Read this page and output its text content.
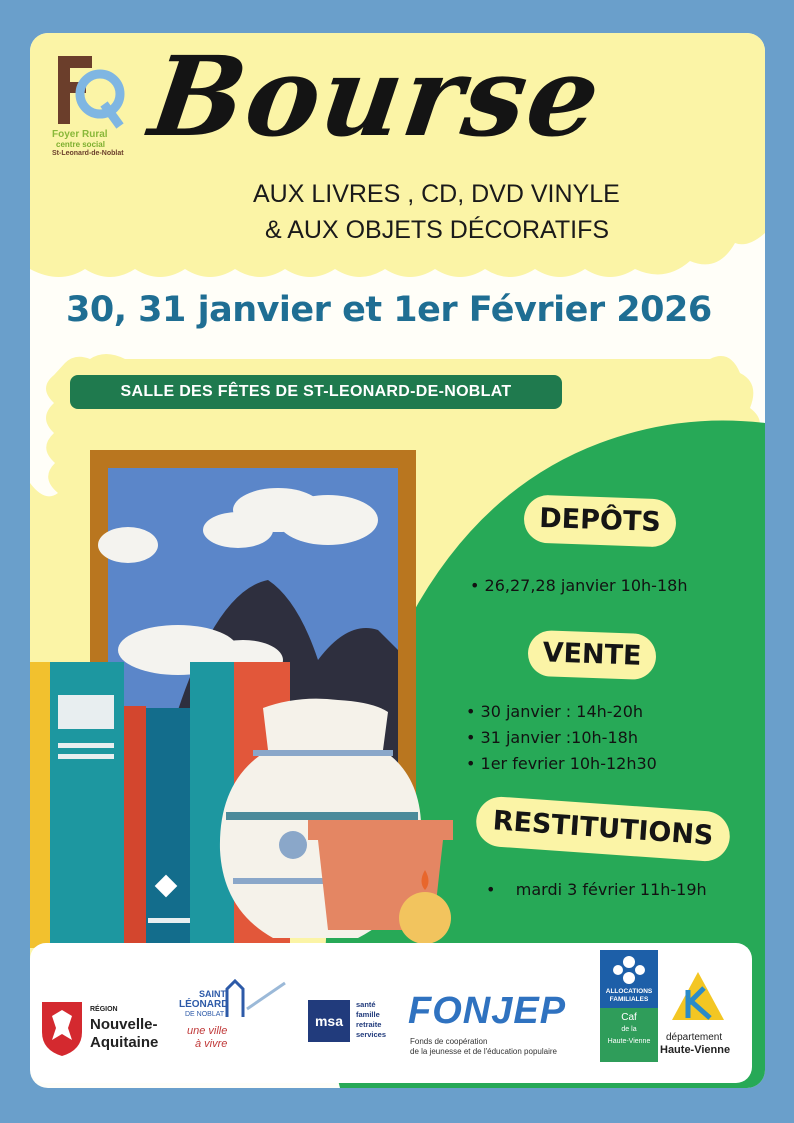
Foyer Rural
centre social
St-Leonard-de-Noblat Bourse
AUX LIVRES , CD, DVD VINYLE
& AUX OBJETS DÉCORATIFS
30, 31 janvier et 1er Février 2026
SALLE DES FÊTES DE ST-LEONARD-DE-NOBLAT
DEPÔTS
• 26,27,28 janvier 10h-18h
VENTE
• 30 janvier : 14h-20h
• 31 janvier :10h-18h
• 1er fevrier 10h-12h30
RESTITUTIONS
•    mardi 3 février 11h-19h
RÉGION
Nouvelle-
Aquitaine
SAINT
LÉONARD
DE NOBLAT
une ville
à vivre
msa
santé
famille
retraite
services
FONJEP
Fonds de coopération
de la jeunesse et de l'éducation populaire
ALLOCATIONS
FAMILIALES
Caf
de la
Haute-Vienne	département
Haute-Vienne
